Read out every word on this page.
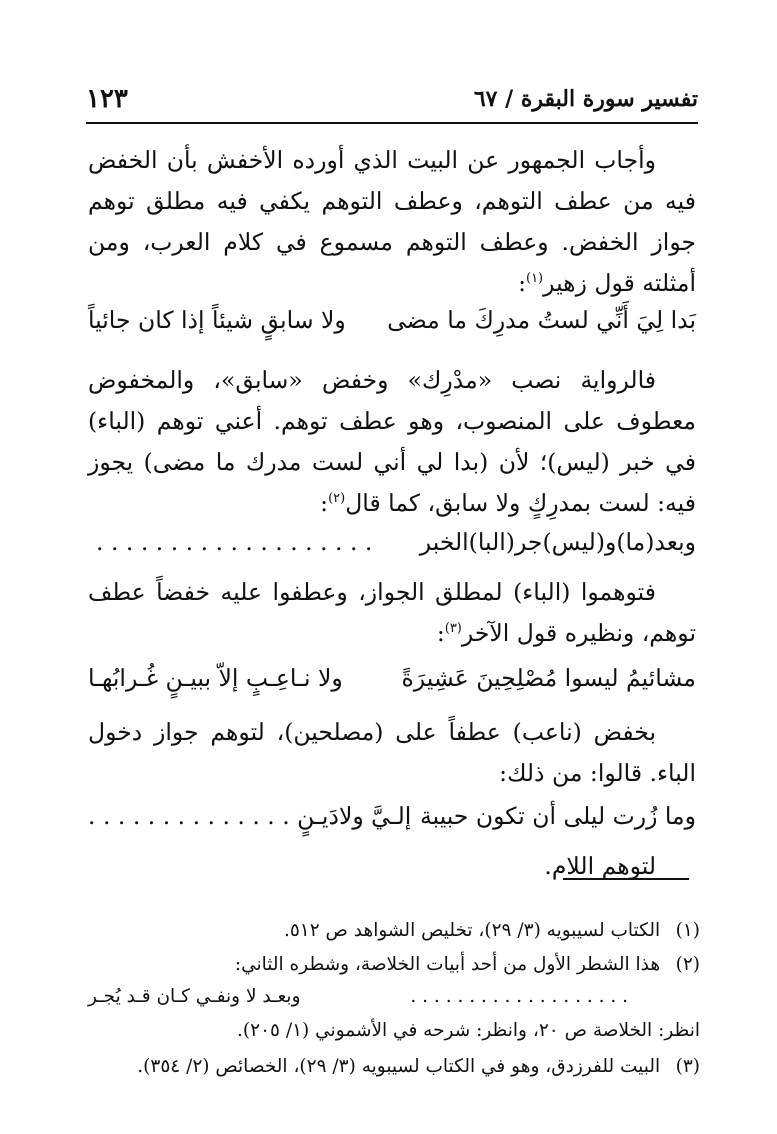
تفسير سورة البقرة / ٦٧
١٢٣
وأجاب الجمهور عن البيت الذي أورده الأخفش بأن الخفض فيه من عطف التوهم، وعطف التوهم يكفي فيه مطلق توهم جواز الخفض. وعطف التوهم مسموع في كلام العرب، ومن أمثلته قول زهير$^{(١)}$:
بَدا لِيَ أَنِّي لستُ مدرِكَ ما مضى
ولا سابقٍ شيئاً إذا كان جائياً
فالرواية نصب «مدْرِك» وخفض «سابق»، والمخفوض معطوف على المنصوب، وهو عطف توهم. أعني توهم (الباء) في خبر (ليس)؛ لأن (بدا لي أني لست مدرك ما مضى) يجوز فيه: لست بمدرِكٍ ولا سابق، كما قال$^{(٢)}$:
وبعد(ما)و(ليس)جر(البا)الخبر
. . . . . . . . . . . . . . . . . . .
فتوهموا (الباء) لمطلق الجواز، وعطفوا عليه خفضاً عطف توهم، ونظيره قول الآخر$^{(٣)}$:
مشائيمُ ليسوا مُصْلِحِينَ عَشِيرَةً
ولا نـاعِـبٍ إلاّ ببيـنٍ غُـرابُهـا
بخفض (ناعب) عطفاً على (مصلحين)، لتوهم جواز دخول الباء. قالوا: من ذلك:
وما زُرت ليلى أن تكون حبيبة
إلـيَّ ولادَيـنٍ . . . . . . . . . . . . . .
لتوهم اللام.
(١) الكتاب لسيبويه (٣/ ٢٩)، تخليص الشواهد ص ٥١٢.
(٢) هذا الشطر الأول من أحد أبيات الخلاصة، وشطره الثاني:
. . . . . . . . . . . . . . . . . . .
وبعـد لا ونفـي كـان قـد يُجـر
انظر: الخلاصة ص ٢٠، وانظر: شرحه في الأشموني (١/ ٢٠٥).
(٣) البيت للفرزدق، وهو في الكتاب لسيبويه (٣/ ٢٩)، الخصائص (٢/ ٣٥٤).
